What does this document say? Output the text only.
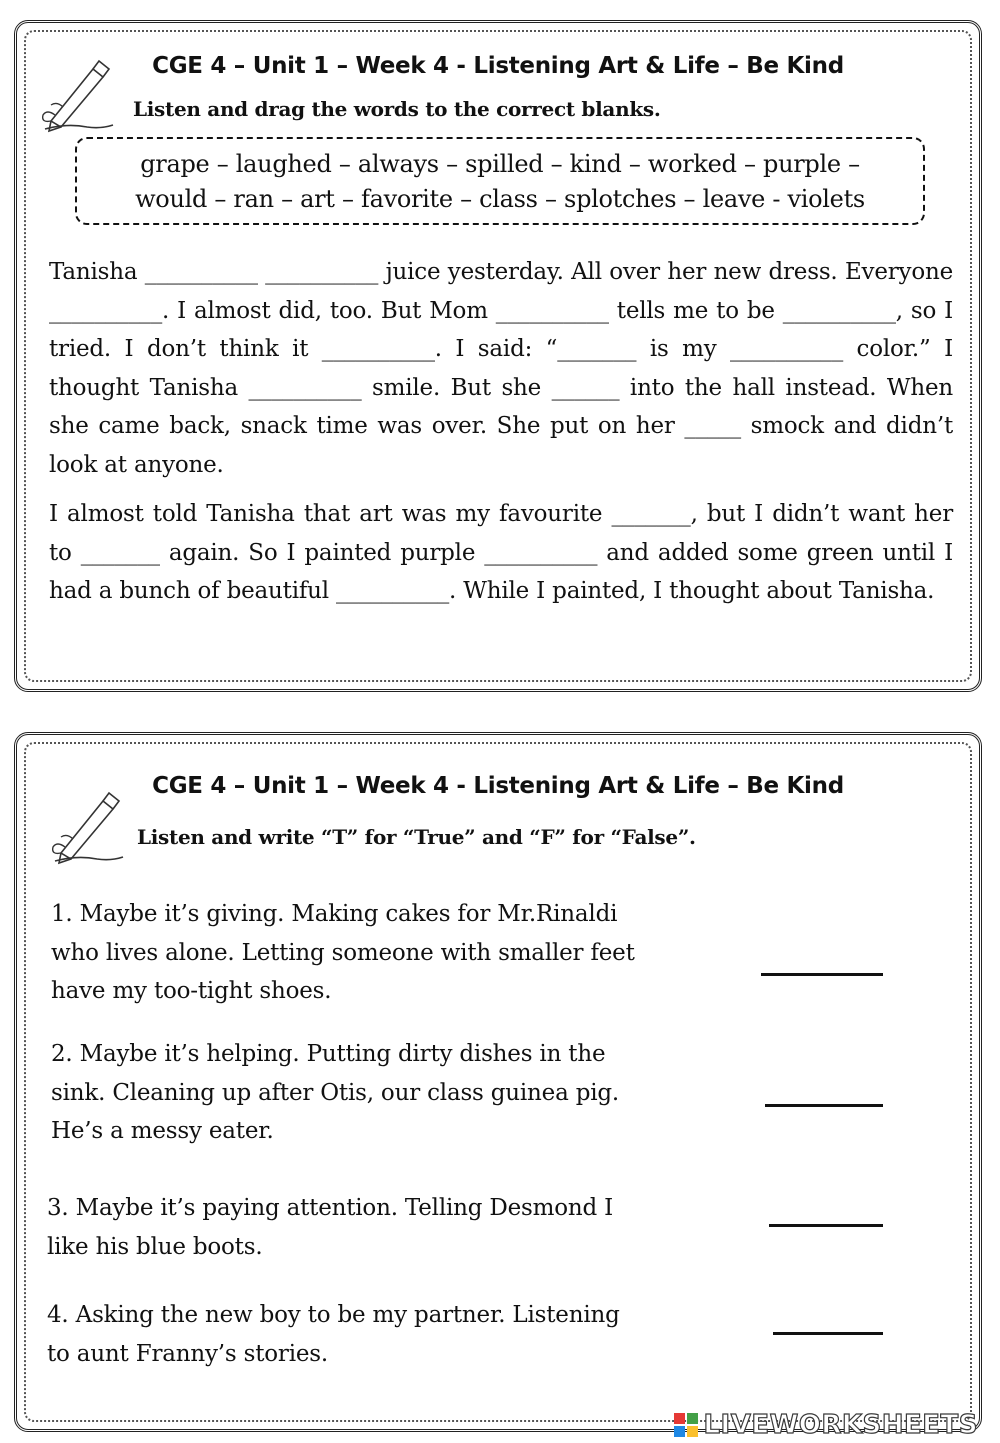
CGE 4 – Unit 1 – Week 4 - Listening Art & Life – Be Kind
Listen and drag the words to the correct blanks.
grape – laughed – always – spilled – kind – worked – purple –
would – ran – art – favorite – class – splotches – leave - violets

Tanisha __________ __________ juice yesterday. All over her new dress. Everyone __________. I almost did, too. But Mom __________ tells me to be __________, so I tried. I don’t think it __________. I said: “_______ is my __________ color.” I thought Tanisha __________ smile. But she ______ into the hall instead. When she came back, snack time was over. She put on her _____ smock and didn’t look at anyone.

I almost told Tanisha that art was my favourite _______, but I didn’t want her to _______ again. So I painted purple __________ and added some green until I had a bunch of beautiful __________. While I painted, I thought about Tanisha.

CGE 4 – Unit 1 – Week 4 - Listening Art & Life – Be Kind
Listen and write “T” for “True” and “F” for “False”.

1. Maybe it’s giving. Making cakes for Mr.Rinaldi who lives alone. Letting someone with smaller feet have my too-tight shoes.

2. Maybe it’s helping. Putting dirty dishes in the sink. Cleaning up after Otis, our class guinea pig. He’s a messy eater.

3. Maybe it’s paying attention. Telling Desmond I like his blue boots.

4. Asking the new boy to be my partner. Listening to aunt Franny’s stories.

LIVEWORKSHEETS
